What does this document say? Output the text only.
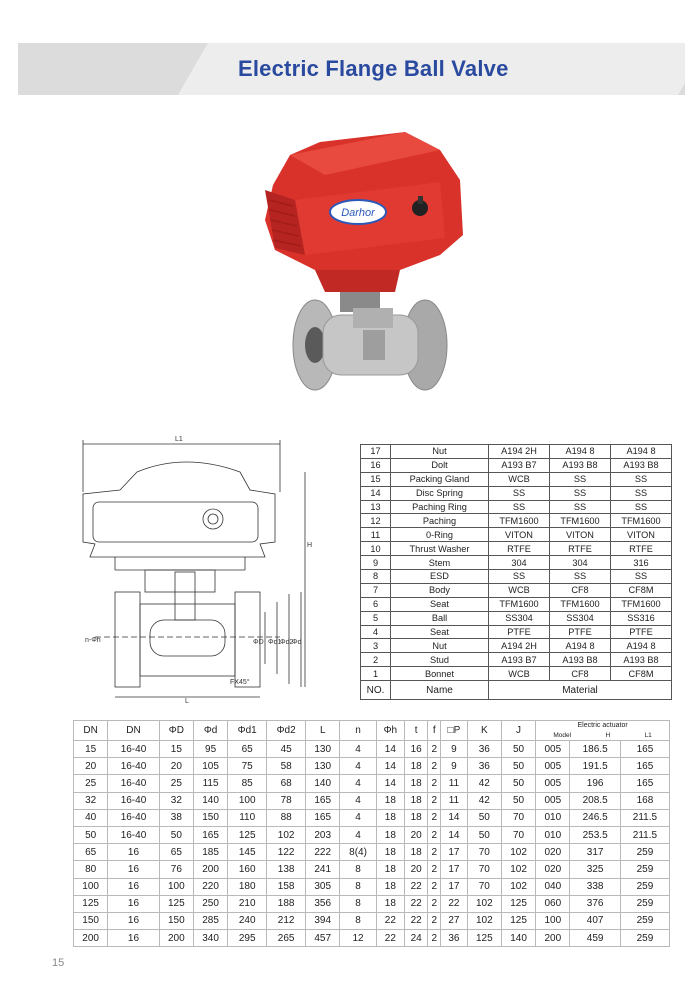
Electric Flange Ball Valve
Darhor
L1
H
L
n-Φh	ΦD Φd1
Φd2
Φd
FX45°
17	Nut	A194 2H	A194 8	A194 8
16	Dolt	A193 B7	A193 B8	A193 B8
15	Packing Gland	WCB	SS	SS
14	Disc Spring	SS	SS	SS
13	Paching Ring	SS	SS	SS
12	Paching	TFM1600	TFM1600	TFM1600
11	0-Ring	VITON	VITON	VITON
10	Thrust Washer	RTFE	RTFE	RTFE
9	Stem	304	304	316
8	ESD	SS	SS	SS
7	Body	WCB	CF8	CF8M
6	Seat	TFM1600	TFM1600	TFM1600
5	Ball	SS304	SS304	SS316
4	Seat	PTFE	PTFE	PTFE
3	Nut	A194 2H	A194 8	A194 8
2	Stud	A193 B7	A193 B8	A193 B8
1	Bonnet	WCB	CF8	CF8M
NO.	Name	Material		
DN	DN	ΦD	Φd	Φd1	Φd2	L	n	Φh	t	f	□P	K	J	Electric actuator
Model H L1		

15	16-40	15	95	65	45	130	4	14	16	2	9	36	50	005	186.5	165
20	16-40	20	105	75	58	130	4	14	18	2	9	36	50	005	191.5	165
25	16-40	25	115	85	68	140	4	14	18	2	11	42	50	005	196	165
32	16-40	32	140	100	78	165	4	18	18	2	11	42	50	005	208.5	168
40	16-40	38	150	110	88	165	4	18	18	2	14	50	70	010	246.5	211.5
50	16-40	50	165	125	102	203	4	18	20	2	14	50	70	010	253.5	211.5
65	16	65	185	145	122	222	8(4)	18	18	2	17	70	102	020	317	259
80	16	76	200	160	138	241	8	18	20	2	17	70	102	020	325	259
100	16	100	220	180	158	305	8	18	22	2	17	70	102	040	338	259
125	16	125	250	210	188	356	8	18	22	2	22	102	125	060	376	259
150	16	150	285	240	212	394	8	22	22	2	27	102	125	100	407	259
200	16	200	340	295	265	457	12	22	24	2	36	125	140	200	459	259
15
